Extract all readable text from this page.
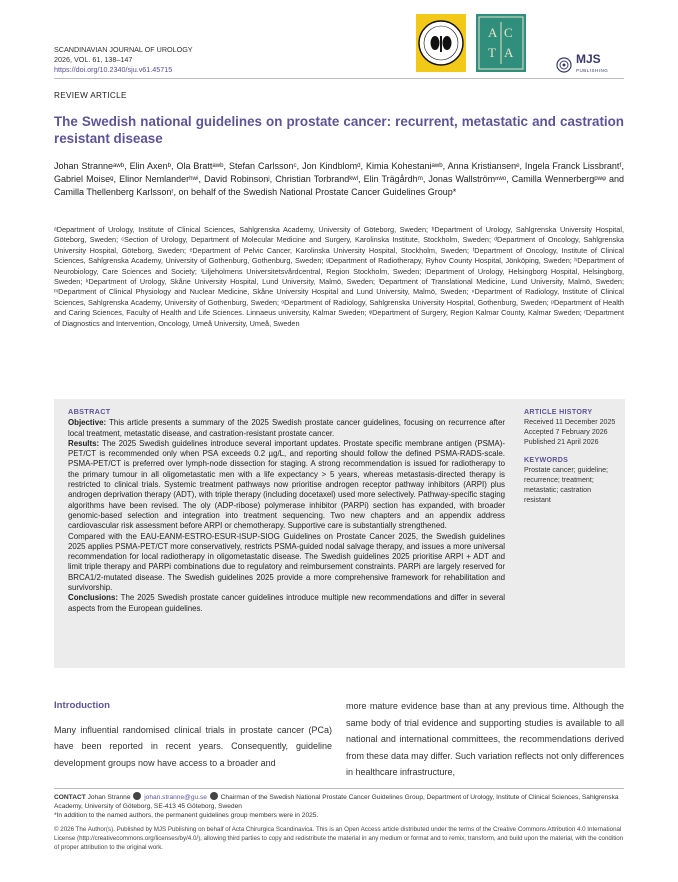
SCANDINAVIAN JOURNAL OF UROLOGY
2026, VOL. 61, 138–147
https://doi.org/10.2340/sju.v61.45715
A C
T A	MJS
PUBLISHING
REVIEW ARTICLE
The Swedish national guidelines on prostate cancer: recurrent, metastatic and castration resistant disease

Johan Stranneᵃʷᵇ, Elin Axenᵇ, Ola Brattᵃʷᵇ, Stefan Carlssonᶜ, Jon Kindblomᵈ, Kimia Kohestaniᵃʷᵇ, Anna Kristiansenᵉ, Ingela Franck Lissbrantᶠ, Gabriel Moiseᵍ, Elinor Nemlanderʰʷⁱ, David Robinsonʲ, Christian Torbrandᵏʷˡ, Elin Trägårdhᵐ, Jonas Wallströmⁿʷᵒ, Camilla Wennerbergᵖʷᵠ and Camilla Thellenberg Karlssonʳ, on behalf of the Swedish National Prostate Cancer Guidelines Group*

ᵃDepartment of Urology, Institute of Clinical Sciences, Sahlgrenska Academy, University of Göteborg, Sweden; ᵇDepartment of Urology, Sahlgrenska University Hospital, Göteborg, Sweden; ᶜSection of Urology, Department of Molecular Medicine and Surgery, Karolinska Institute, Stockholm, Sweden; ᵈDepartment of Oncology, Sahlgrenska University Hospital, Göteborg, Sweden; ᵉDepartment of Pelvic Cancer, Karolinska University Hospital, Stockholm, Sweden; ᶠDepartment of Oncology, Institute of Clinical Sciences, Sahlgrenska Academy, University of Gothenburg, Gothenburg, Sweden; ᵍDepartment of Radiotherapy, Ryhov County Hospital, Jönköping, Sweden; ʰDepartment of Neurobiology, Care Sciences and Society; ⁱLiljeholmens Universitetsvårdcentral, Region Stockholm, Sweden; ʲDepartment of Urology, Helsingborg Hospital, Helsingborg, Sweden; ᵏDepartment of Urology, Skåne University Hospital, Lund University, Malmö, Sweden; ˡDepartment of Translational Medicine, Lund University, Malmö, Sweden; ᵐDepartment of Clinical Physiology and Nuclear Medicine, Skåne University Hospital and Lund University, Malmö, Sweden; ⁿDepartment of Radiology, Institute of Clinical Sciences, Sahlgrenska Academy, University of Gothenburg, Sweden; ᵒDepartment of Radiology, Sahlgrenska University Hospital, Gothenburg, Sweden; ᵖDepartment of Health and Caring Sciences, Faculty of Health and Life Sciences. Linnaeus university, Kalmar Sweden; ᵠDepartment of Surgery, Region Kalmar County, Kalmar Sweden; ʳDepartment of Diagnostics and Intervention, Oncology, Umeå University, Umeå, Sweden

ABSTRACT
Objective: This article presents a summary of the 2025 Swedish prostate cancer guidelines, focusing on recurrence after local treatment, metastatic disease, and castration-resistant prostate cancer.
Results: The 2025 Swedish guidelines introduce several important updates. Prostate specific membrane antigen (PSMA)-PET/CT is recommended only when PSA exceeds 0.2 µg/L, and reporting should follow the defined PSMA-RADS-scale. PSMA-PET/CT is preferred over lymph-node dissection for staging. A strong recommendation is issued for radiotherapy to the primary tumour in all oligometastatic men with a life expectancy > 5 years, whereas metastasis-directed therapy is restricted to clinical trials. Systemic treatment pathways now prioritise androgen receptor pathway inhibitors (ARPI) plus androgen deprivation therapy (ADT), with triple therapy (including docetaxel) used more selectively. Pathway-specific staging algorithms have been revised. The oly (ADP-ribose) polymerase inhibitor (PARPi) section has expanded, with broader genomic-based selection and integration into treatment sequencing. Two new chapters and an appendix address cardiovascular risk assessment before ARPI or chemotherapy. Supportive care is substantially strengthened.
Compared with the EAU-EANM-ESTRO-ESUR-ISUP-SIOG Guidelines on Prostate Cancer 2025, the Swedish guidelines 2025 applies PSMA-PET/CT more conservatively, restricts PSMA-guided nodal salvage therapy, and issues a more universal recommendation for local radiotherapy in oligometastatic disease. The Swedish guidelines 2025 prioritise ARPI + ADT and limit triple therapy and PARPi combinations due to regulatory and reimbursement constraints. PARPi are largely reserved for BRCA1/2-mutated disease. The Swedish guidelines 2025 provide a more comprehensive framework for rehabilitation and survivorship.
Conclusions: The 2025 Swedish prostate cancer guidelines introduce multiple new recommendations and differ in several aspects from the European guidelines.
ARTICLE HISTORY
Received 11 December 2025
Accepted 7 February 2026
Published 21 April 2026
KEYWORDS
Prostate cancer; guideline; recurrence; treatment; metastatic; castration resistant
Introduction

Many influential randomised clinical trials in prostate cancer (PCa) have been reported in recent years. Consequently, guideline development groups now have access to a broader and

more mature evidence base than at any previous time. Although the same body of trial evidence and supporting studies is available to all national and international committees, the recommendations derived from these data may differ. Such variation reflects not only differences in healthcare infrastructure,

CONTACT Johan Stranne johan.stranne@gu.se Chairman of the Swedish National Prostate Cancer Guidelines Group, Department of Urology, Institute of Clinical Sciences, Sahlgrenska Academy, University of Göteborg, SE-413 45 Göteborg, Sweden
*In addition to the named authors, the permanent guidelines group members were in 2025.
© 2026 The Author(s). Published by MJS Publishing on behalf of Acta Chirurgica Scandinavica. This is an Open Access article distributed under the terms of the Creative Commons Attribution 4.0 International License (http://creativecommons.org/licenses/by/4.0/), allowing third parties to copy and redistribute the material in any medium or format and to remix, transform, and build upon the material, with the condition of proper attribution to the original work.
